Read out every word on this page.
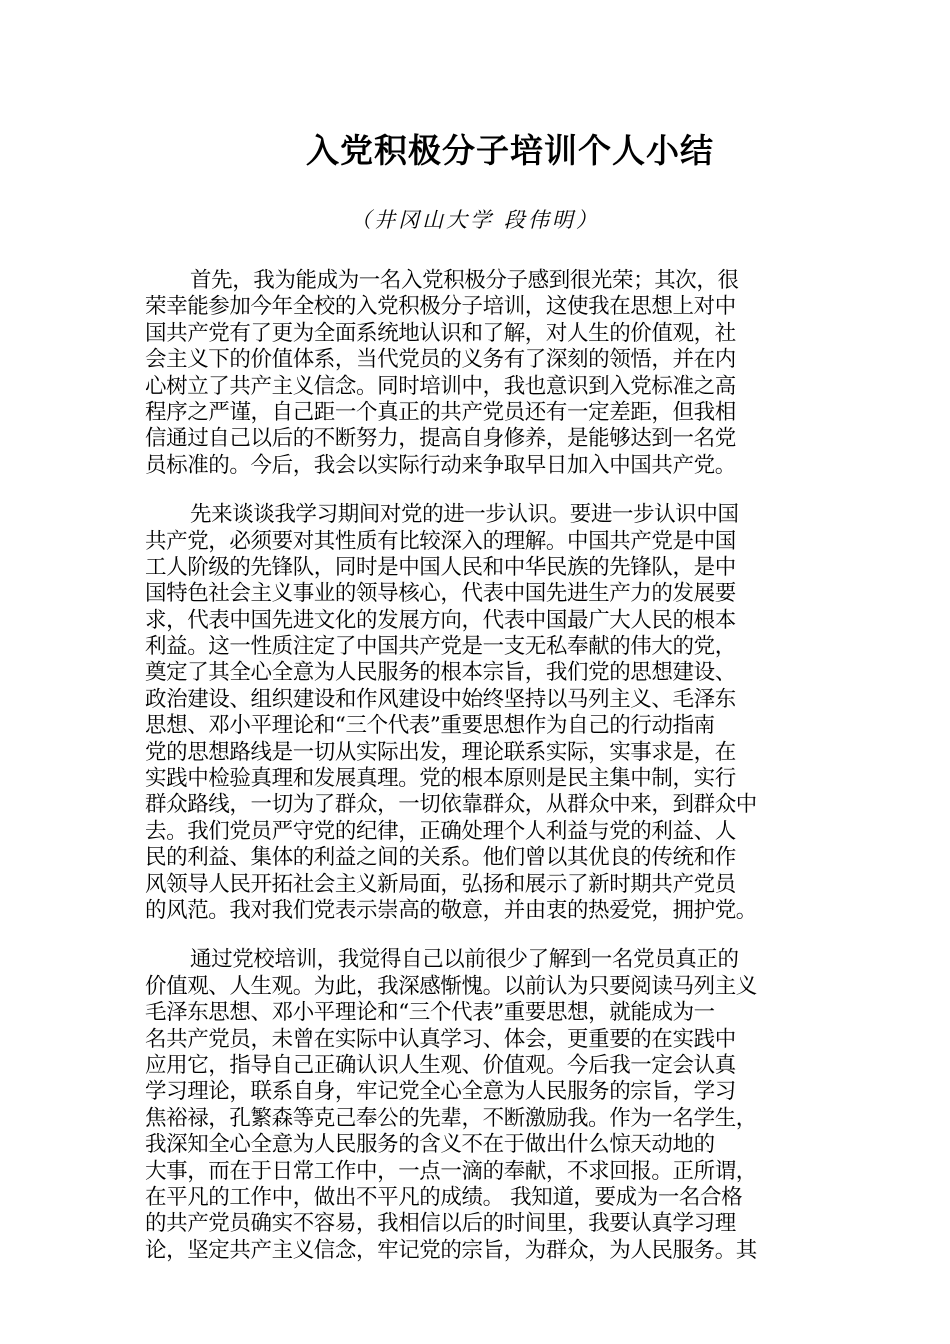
入党积极分子培训个人小结

（井冈山大学 段伟明）

首先，我为能成为一名入党积极分子感到很光荣；其次，很
荣幸能参加今年全校的入党积极分子培训，这使我在思想上对中
国共产党有了更为全面系统地认识和了解，对人生的价值观，社
会主义下的价值体系，当代党员的义务有了深刻的领悟，并在内
心树立了共产主义信念。同时培训中，我也意识到入党标准之高
程序之严谨，自己距一个真正的共产党员还有一定差距，但我相
信通过自己以后的不断努力，提高自身修养，是能够达到一名党
员标准的。今后，我会以实际行动来争取早日加入中国共产党。
先来谈谈我学习期间对党的进一步认识。要进一步认识中国
共产党，必须要对其性质有比较深入的理解。中国共产党是中国
工人阶级的先锋队，同时是中国人民和中华民族的先锋队，是中
国特色社会主义事业的领导核心，代表中国先进生产力的发展要
求，代表中国先进文化的发展方向，代表中国最广大人民的根本
利益。这一性质注定了中国共产党是一支无私奉献的伟大的党，
奠定了其全心全意为人民服务的根本宗旨，我们党的思想建设、
政治建设、组织建设和作风建设中始终坚持以马列主义、毛泽东
思想、邓小平理论和“三个代表”重要思想作为自己的行动指南
党的思想路线是一切从实际出发，理论联系实际，实事求是，在
实践中检验真理和发展真理。党的根本原则是民主集中制，实行
群众路线，一切为了群众，一切依靠群众，从群众中来，到群众中
去。我们党员严守党的纪律，正确处理个人利益与党的利益、人
民的利益、集体的利益之间的关系。他们曾以其优良的传统和作
风领导人民开拓社会主义新局面，弘扬和展示了新时期共产党员
的风范。我对我们党表示崇高的敬意，并由衷的热爱党，拥护党。
通过党校培训，我觉得自己以前很少了解到一名党员真正的
价值观、人生观。为此，我深感惭愧。以前认为只要阅读马列主义
毛泽东思想、邓小平理论和“三个代表”重要思想，就能成为一
名共产党员，未曾在实际中认真学习、体会，更重要的在实践中
应用它，指导自己正确认识人生观、价值观。今后我一定会认真
学习理论，联系自身，牢记党全心全意为人民服务的宗旨，学习
焦裕禄，孔繁森等克己奉公的先辈，不断激励我。作为一名学生，
我深知全心全意为人民服务的含义不在于做出什么惊天动地的
大事，而在于日常工作中，一点一滴的奉献，不求回报。正所谓，
在平凡的工作中，做出不平凡的成绩。 我知道，要成为一名合格
的共产党员确实不容易，我相信以后的时间里，我要认真学习理
论，坚定共产主义信念，牢记党的宗旨，为群众，为人民服务。其
